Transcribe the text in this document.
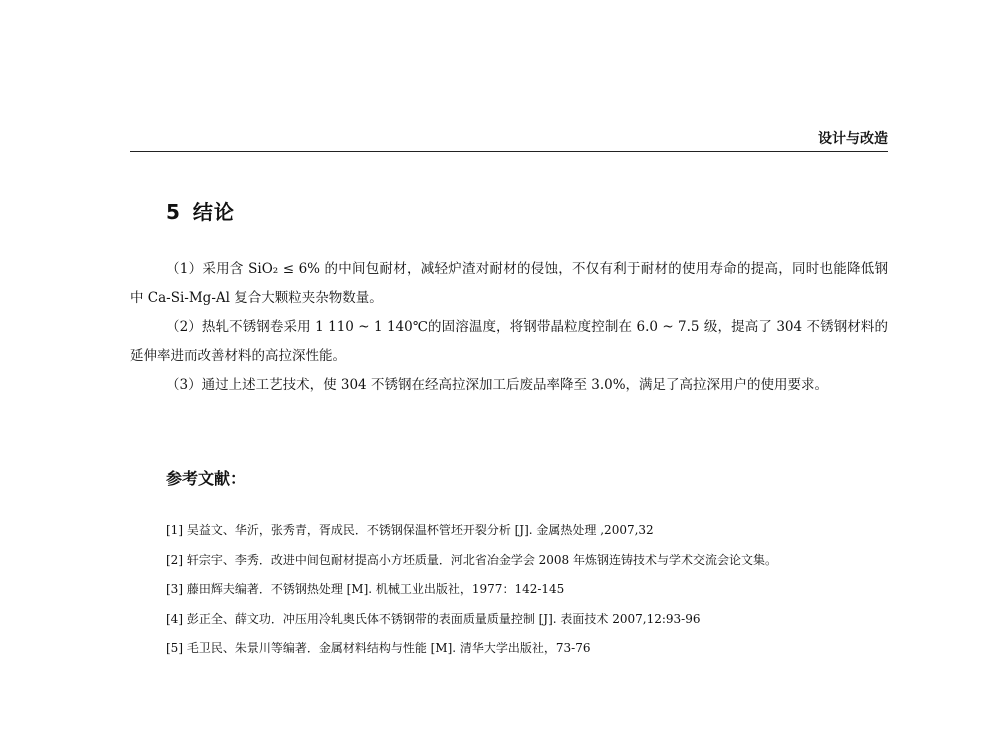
设计与改造
5 结论

（1）采用含 SiO₂ ≤ 6% 的中间包耐材，减轻炉渣对耐材的侵蚀，不仅有利于耐材的使用寿命的提高，同时也能降低钢中 Ca-Si-Mg-Al 复合大颗粒夹杂物数量。

（2）热轧不锈钢卷采用 1 110 ~ 1 140℃的固溶温度，将钢带晶粒度控制在 6.0 ~ 7.5 级，提高了 304 不锈钢材料的延伸率进而改善材料的高拉深性能。

（3）通过上述工艺技术，使 304 不锈钢在经高拉深加工后废品率降至 3.0%，满足了高拉深用户的使用要求。

参考文献：
[1] 吴益文、华沂，张秀青，胥成民．不锈钢保温杯管坯开裂分析 [J]. 金属热处理 ,2007,32
[2] 轩宗宇、李秀．改进中间包耐材提高小方坯质量．河北省冶金学会 2008 年炼钢连铸技术与学术交流会论文集。
[3] 藤田辉夫编著．不锈钢热处理 [M]. 机械工业出版社，1977：142-145
[4] 彭正全、薛文功．冲压用冷轧奥氏体不锈钢带的表面质量质量控制 [J]. 表面技术 2007,12:93-96
[5] 毛卫民、朱景川等编著．金属材料结构与性能 [M]. 清华大学出版社，73-76
